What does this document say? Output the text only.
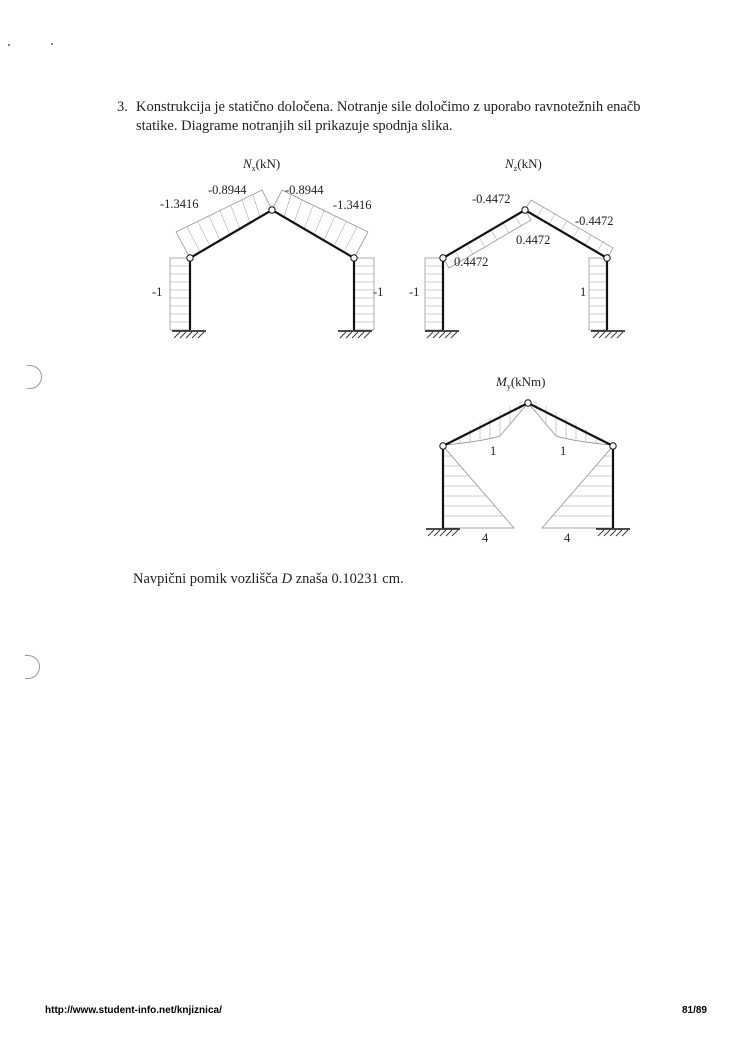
3. Konstrukcija je statično določena. Notranje sile določimo z uporabo ravnotežnih enačb
statike. Diagrame notranjih sil prikazuje spodnja slika.
$N_x(kN)$
-0.8944	-0.8944
-1.3416	-1.3416
-1	-1
$N_z(kN)$
-0.4472
-0.4472
0.4472
0.4472
-1	1
$M_y(kNm)$
1	1
4	4
Navpični pomik vozlišča D znaša 0.10231 cm.
http://www.student-info.net/knjiznica/	81/89
